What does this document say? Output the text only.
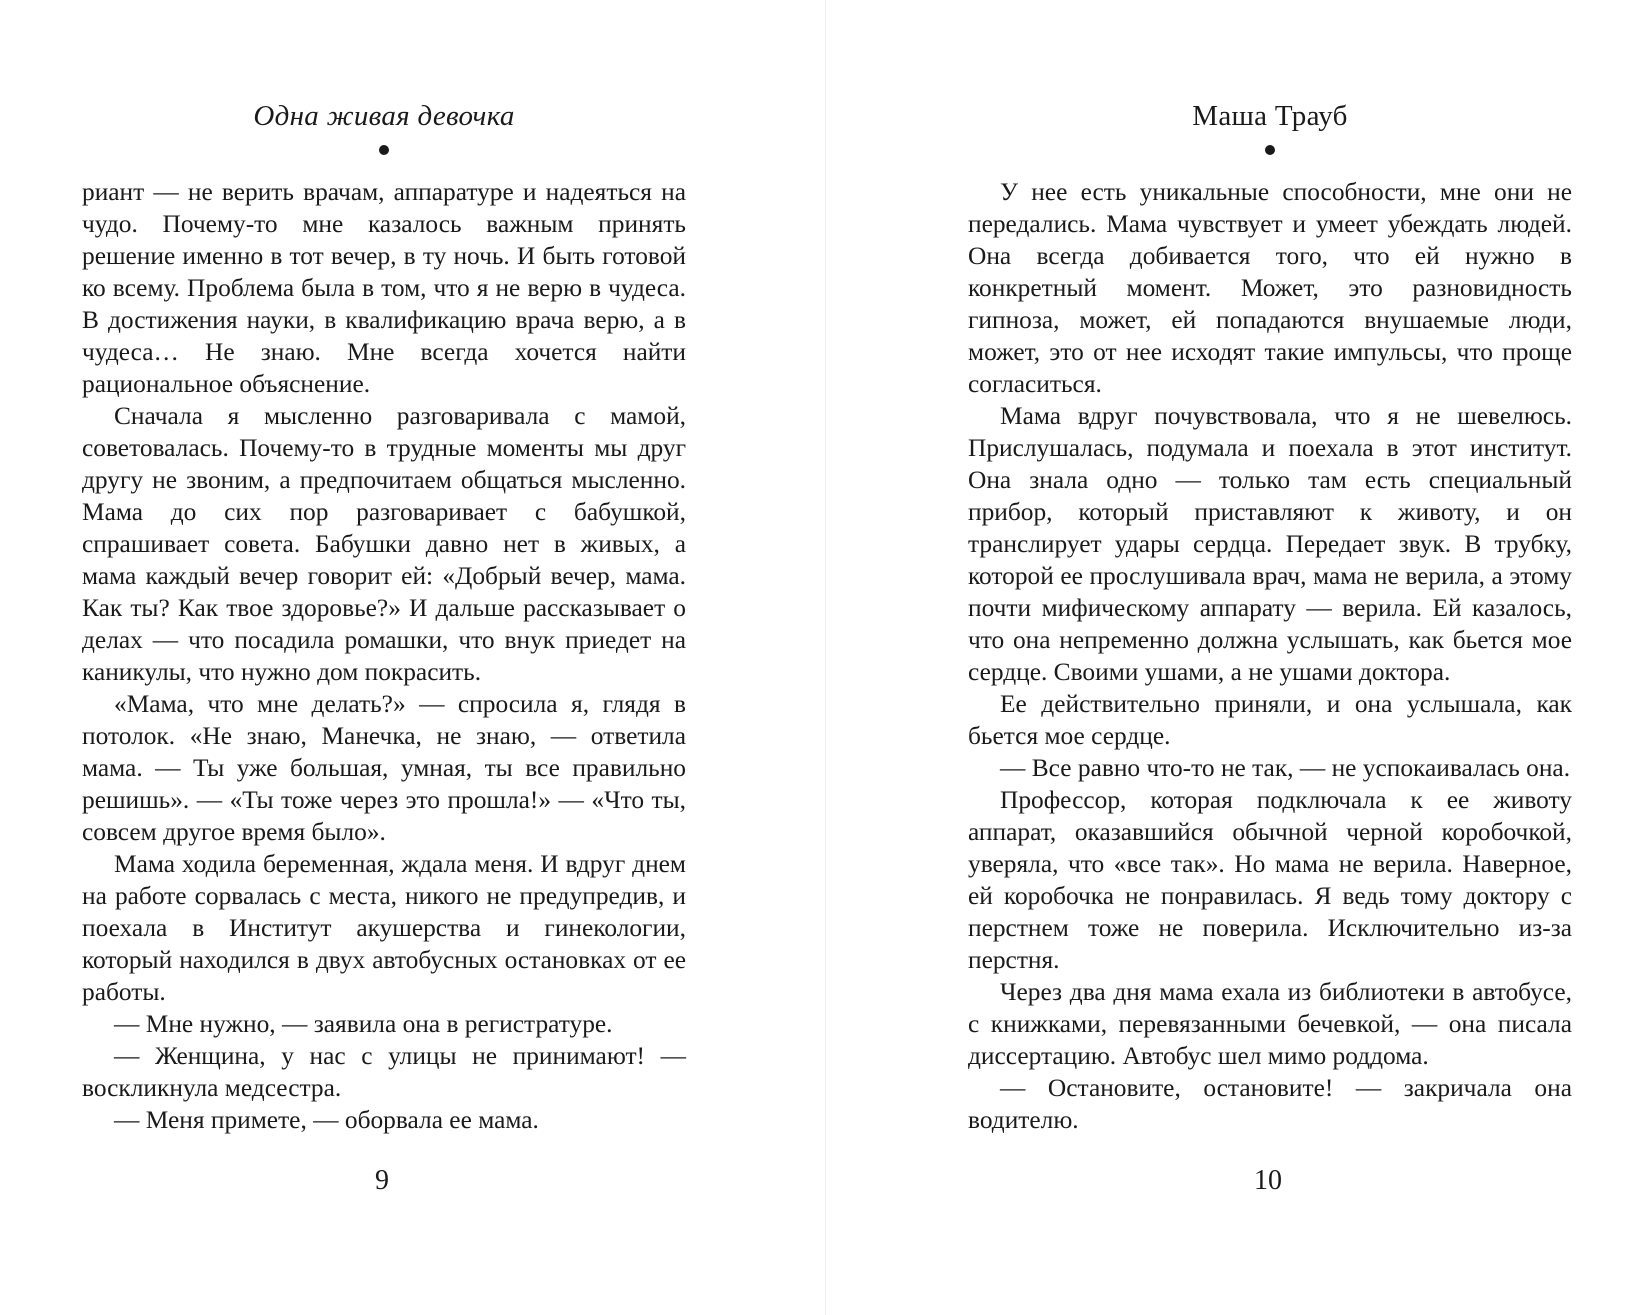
Одна живая девочка

риант — не верить врачам, аппаратуре и надеяться на чудо. Почему-то мне казалось важным принять решение именно в тот вечер, в ту ночь. И быть готовой ко всему. Проблема была в том, что я не верю в чудеса. В достижения науки, в квалификацию врача верю, а в чудеса… Не знаю. Мне всегда хочется найти рациональное объяснение.

Сначала я мысленно разговаривала с мамой, советовалась. Почему-то в трудные моменты мы друг другу не звоним, а предпочитаем общаться мысленно. Мама до сих пор разговаривает с бабушкой, спрашивает совета. Бабушки давно нет в живых, а мама каждый вечер говорит ей: «Добрый вечер, мама. Как ты? Как твое здоровье?» И дальше рассказывает о делах — что посадила ромашки, что внук приедет на каникулы, что нужно дом покрасить.

«Мама, что мне делать?» — спросила я, глядя в потолок. «Не знаю, Манечка, не знаю, — ответила мама. — Ты уже большая, умная, ты все правильно решишь». — «Ты тоже через это прошла!» — «Что ты, совсем другое время было».

Мама ходила беременная, ждала меня. И вдруг днем на работе сорвалась с места, никого не предупредив, и поехала в Институт акушерства и гинекологии, который находился в двух автобусных остановках от ее работы.

— Мне нужно, — заявила она в регистратуре.

— Женщина, у нас с улицы не принимают! — воскликнула медсестра.

— Меня примете, — оборвала ее мама.

9
Маша Трауб

У нее есть уникальные способности, мне они не передались. Мама чувствует и умеет убеждать людей. Она всегда добивается того, что ей нужно в конкретный момент. Может, это разновидность гипноза, может, ей попадаются внушаемые люди, может, это от нее исходят такие импульсы, что проще согласиться.

Мама вдруг почувствовала, что я не шевелюсь. Прислушалась, подумала и поехала в этот институт. Она знала одно — только там есть специальный прибор, который приставляют к животу, и он транслирует удары сердца. Передает звук. В трубку, которой ее прослушивала врач, мама не верила, а этому почти мифическому аппарату — верила. Ей казалось, что она непременно должна услышать, как бьется мое сердце. Своими ушами, а не ушами доктора.

Ее действительно приняли, и она услышала, как бьется мое сердце.

— Все равно что-то не так, — не успокаивалась она.

Профессор, которая подключала к ее животу аппарат, оказавшийся обычной черной коробочкой, уверяла, что «все так». Но мама не верила. Наверное, ей коробочка не понравилась. Я ведь тому доктору с перстнем тоже не поверила. Исключительно из-за перстня.

Через два дня мама ехала из библиотеки в автобусе, с книжками, перевязанными бечевкой, — она писала диссертацию. Автобус шел мимо роддома.

— Остановите, остановите! — закричала она водителю.

10
